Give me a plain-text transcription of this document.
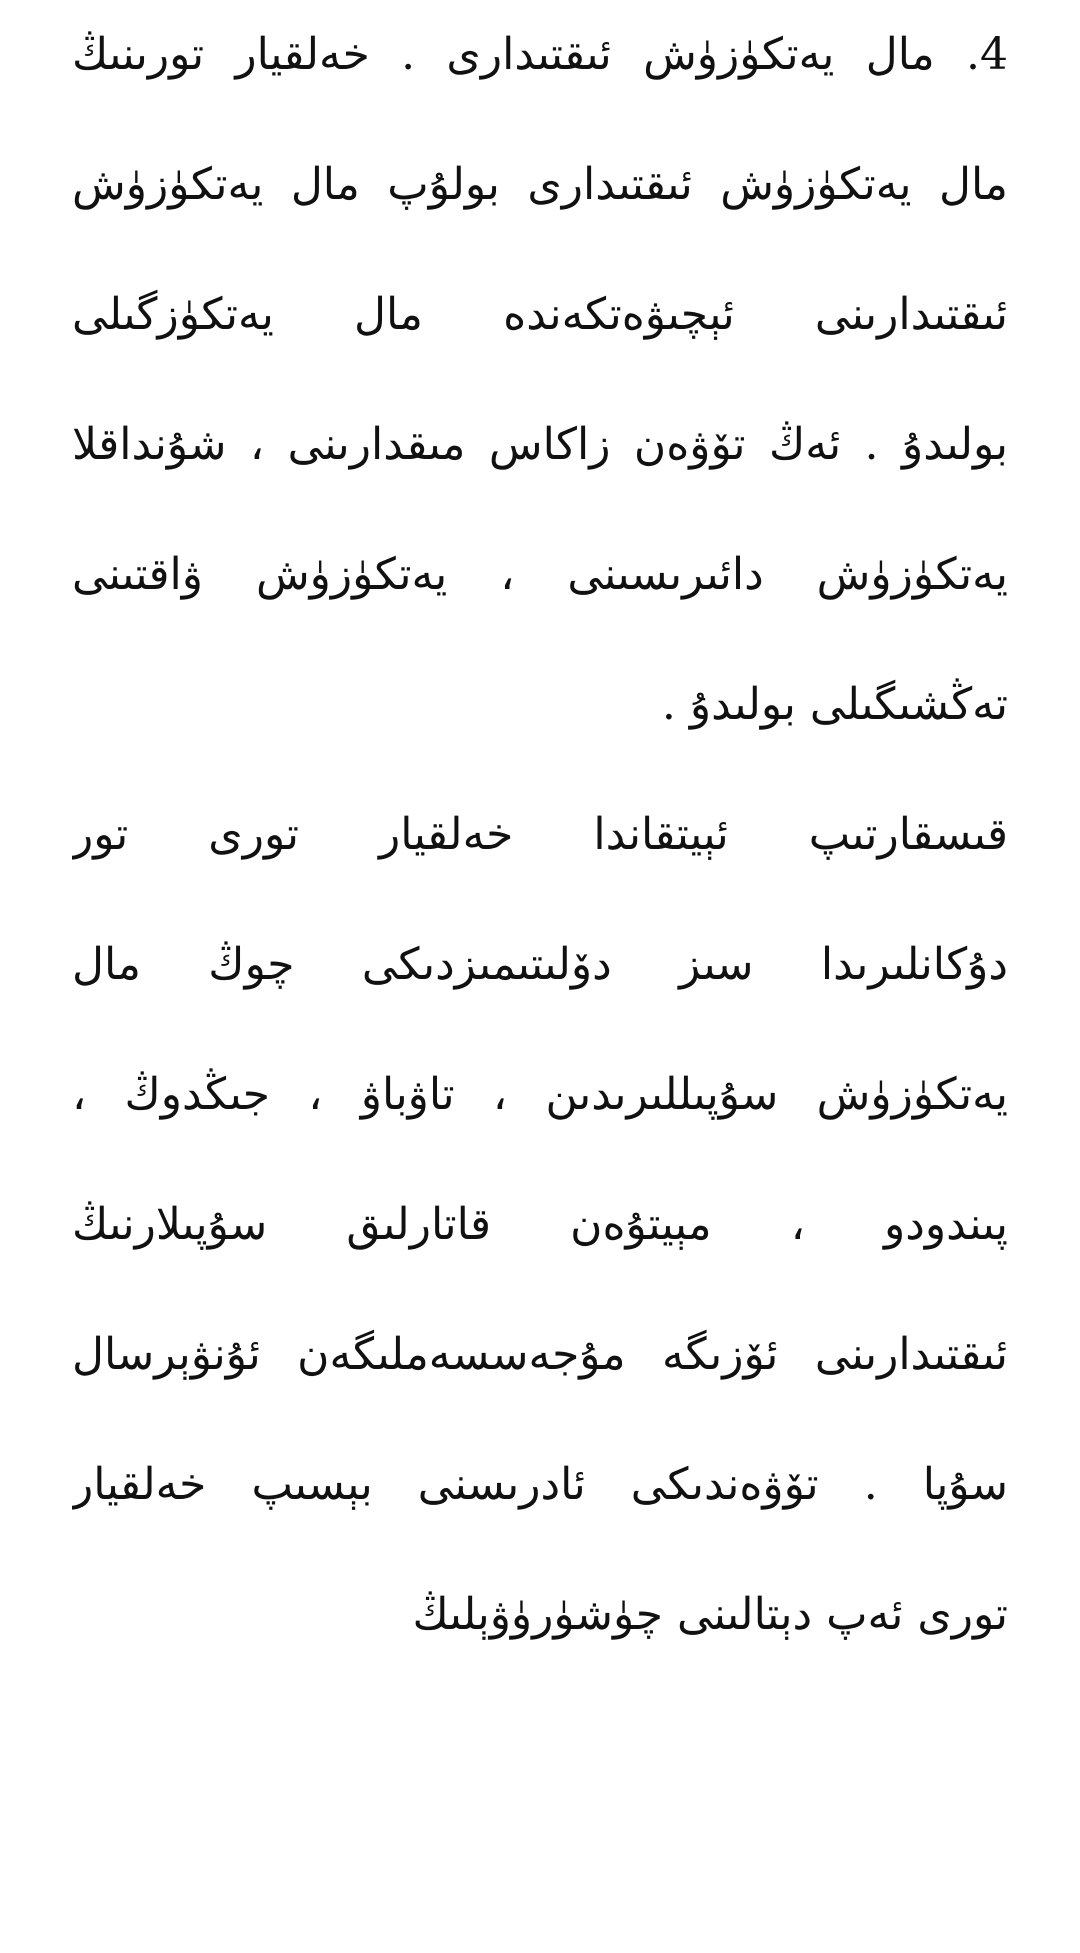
4. مال يەتكۈزۈش ئىقتىدارى . خەلقيار تورىنىڭ
مال يەتكۈزۈش ئىقتىدارى بولۇپ مال يەتكۈزۈش
ئىقتىدارىنى ئېچىۋەتكەندە مال يەتكۈزگىلى
بولىدۇ . ئەڭ تۆۋەن زاكاس مىقدارىنى ، شۇنداقلا
يەتكۈزۈش دائىرىسىنى ، يەتكۈزۈش ۋاقتىنى
تەڭشىگىلى بولىدۇ .
قىسقارتىپ ئېيتقاندا خەلقيار تورى تور
دۇكانلىرىدا سىز دۆلىتىمىزدىكى چوڭ مال
يەتكۈزۈش سۇپىللىرىدىن ، تاۋباۋ ، جىڭدوڭ ،
پىندودو ، مېيتۇەن قاتارلىق سۇپىلارنىڭ
ئىقتىدارىنى ئۆزىگە مۇجەسسەملىگەن ئۇنۋېرسال
سۇپا . تۆۋەندىكى ئادرىسنى بېسىپ خەلقيار
تورى ئەپ دېتالىنى چۈشۈرۈۋېلىڭ
